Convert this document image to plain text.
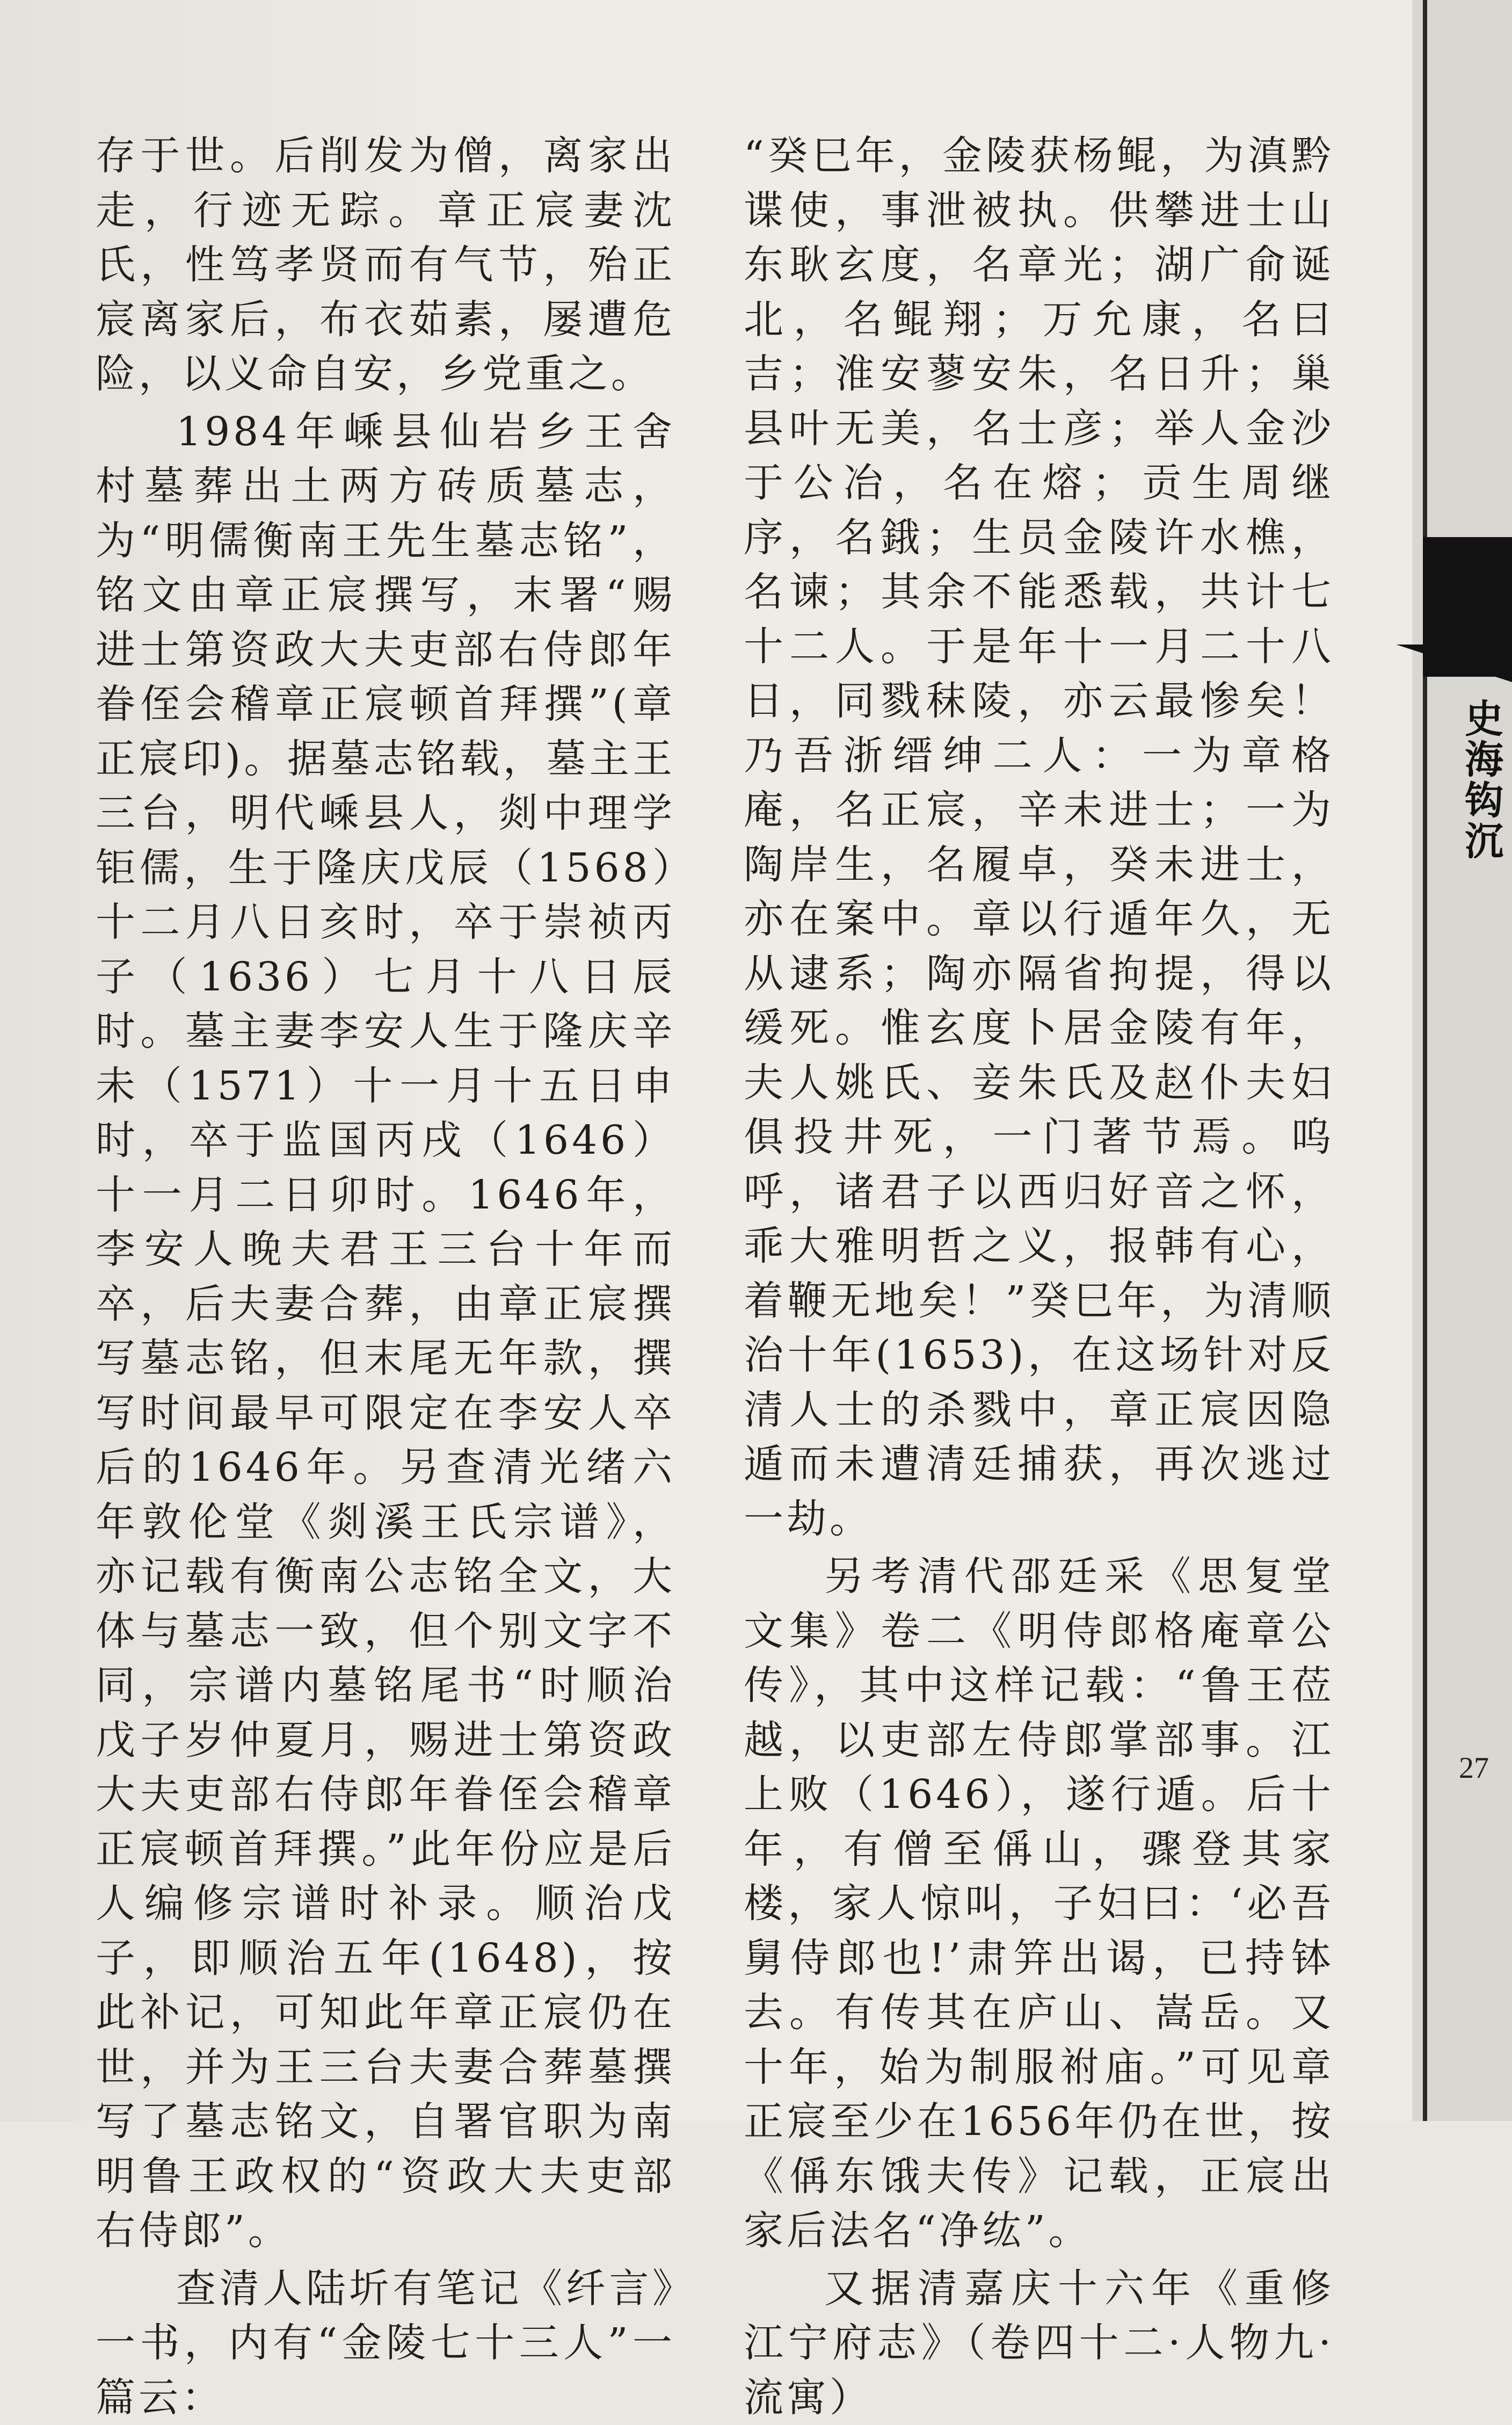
存于世。后削发为僧，离家出走，行迹无踪。章正宸妻沈氏，性笃孝贤而有气节，殆正宸离家后，布衣茹素，屡遭危险，以义命自安，乡党重之。

1984年嵊县仙岩乡王舍村墓葬出土两方砖质墓志，为“明儒衡南王先生墓志铭”，铭文由章正宸撰写，末署“赐进士第资政大夫吏部右侍郎年眷侄会稽章正宸顿首拜撰”(章正宸印)。据墓志铭载，墓主王三台，明代嵊县人，剡中理学钜儒，生于隆庆戊辰（1568）十二月八日亥时，卒于崇祯丙子（1636）七月十八日辰时。墓主妻李安人生于隆庆辛未（1571）十一月十五日申时，卒于监国丙戌（1646）十一月二日卯时。1646年，李安人晚夫君王三台十年而卒，后夫妻合葬，由章正宸撰写墓志铭，但末尾无年款，撰写时间最早可限定在李安人卒后的1646年。另查清光绪六年敦伦堂《剡溪王氏宗谱》，亦记载有衡南公志铭全文，大体与墓志一致，但个别文字不同，宗谱内墓铭尾书“时顺治戊子岁仲夏月，赐进士第资政大夫吏部右侍郎年眷侄会稽章正宸顿首拜撰。”此年份应是后人编修宗谱时补录。顺治戊子，即顺治五年(1648)，按此补记，可知此年章正宸仍在世，并为王三台夫妻合葬墓撰写了墓志铭文，自署官职为南明鲁王政权的“资政大夫吏部右侍郎”。

查清人陆圻有笔记《纤言》一书，内有“金陵七十三人”一篇云：

“癸巳年，金陵获杨鲲，为滇黔谍使，事泄被执。供攀进士山东耿玄度，名章光；湖广俞诞北，名鲲翔；万允康，名曰吉；淮安蓼安朱，名日升；巢县叶无美，名士彦；举人金沙于公冶，名在熔；贡生周继序，名鋨；生员金陵许水樵，名谏；其余不能悉载，共计七十二人。于是年十一月二十八日，同戮秣陵，亦云最惨矣！乃吾浙缙绅二人：一为章格庵，名正宸，辛未进士；一为陶岸生，名履卓，癸未进士，亦在案中。章以行遁年久，无从逮系；陶亦隔省拘提，得以缓死。惟玄度卜居金陵有年，夫人姚氏、妾朱氏及赵仆夫妇俱投井死，一门著节焉。呜呼，诸君子以西归好音之怀，乖大雅明哲之义，报韩有心，着鞭无地矣！”癸巳年，为清顺治十年(1653)，在这场针对反清人士的杀戮中，章正宸因隐遁而未遭清廷捕获，再次逃过一劫。

另考清代邵廷采《思复堂文集》卷二《明侍郎格庵章公传》，其中这样记载：“鲁王莅越，以吏部左侍郎掌部事。江上败（1646），遂行遁。后十年，有僧至偁山，骤登其家楼，家人惊叫，子妇曰：‘必吾舅侍郎也!’肃笄出谒，已持钵去。有传其在庐山、嵩岳。又十年，始为制服祔庙。”可见章正宸至少在1656年仍在世，按《偁东饿夫传》记载，正宸出家后法名“净纮”。

又据清嘉庆十六年《重修江宁府志》（卷四十二·人物九·流寓）

史海钩沉
27
